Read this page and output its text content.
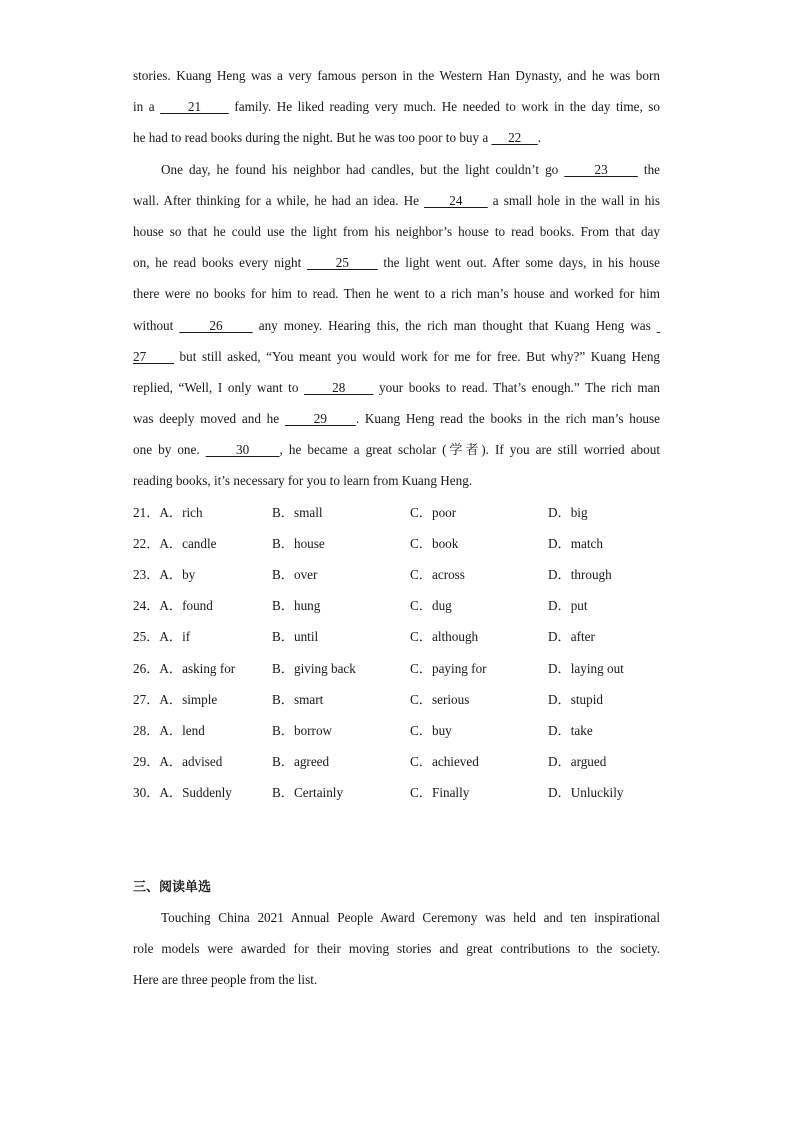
stories. Kuang Heng was a very famous person in the Western Han Dynasty, and he was born
in a      21      family. He liked reading very much. He needed to work in the day time, so
he had to read books during the night. But he was too poor to buy a      22     .
One day, he found his neighbor had candles, but the light couldn’t go      23      the
wall. After thinking for a while, he had an idea. He      24      a small hole in the wall in his
house so that he could use the light from his neighbor’s house to read books. From that day
on, he read books every night      25      the light went out. After some days, in his house
there were no books for him to read. Then he went to a rich man’s house and worked for him
without      26      any money. Hearing this, the rich man thought that Kuang Heng was
27      but still asked, “You meant you would work for me for free. But why?” Kuang Heng
replied, “Well, I only want to      28      your books to read. That’s enough.” The rich man
was deeply moved and he      29     . Kuang Heng read the books in the rich man’s house
one by one.      30     , he became a great scholar (学者). If you are still worried about
reading books, it’s necessary for you to learn from Kuang Heng.
21．A．rich	B．small	C．poor	D．big
22．A．candle	B．house	C．book	D．match
23．A．by	B．over	C．across	D．through
24．A．found	B．hung	C．dug	D．put
25．A．if	B．until	C．although	D．after
26．A．asking for	B．giving back	C．paying for	D．laying out
27．A．simple	B．smart	C．serious	D．stupid
28．A．lend	B．borrow	C．buy	D．take
29．A．advised	B．agreed	C．achieved	D．argued
30．A．Suddenly	B．Certainly	C．Finally	D．Unluckily
三、阅读单选
Touching China 2021 Annual People Award Ceremony was held and ten inspirational
role models were awarded for their moving stories and great contributions to the society.
Here are three people from the list.
